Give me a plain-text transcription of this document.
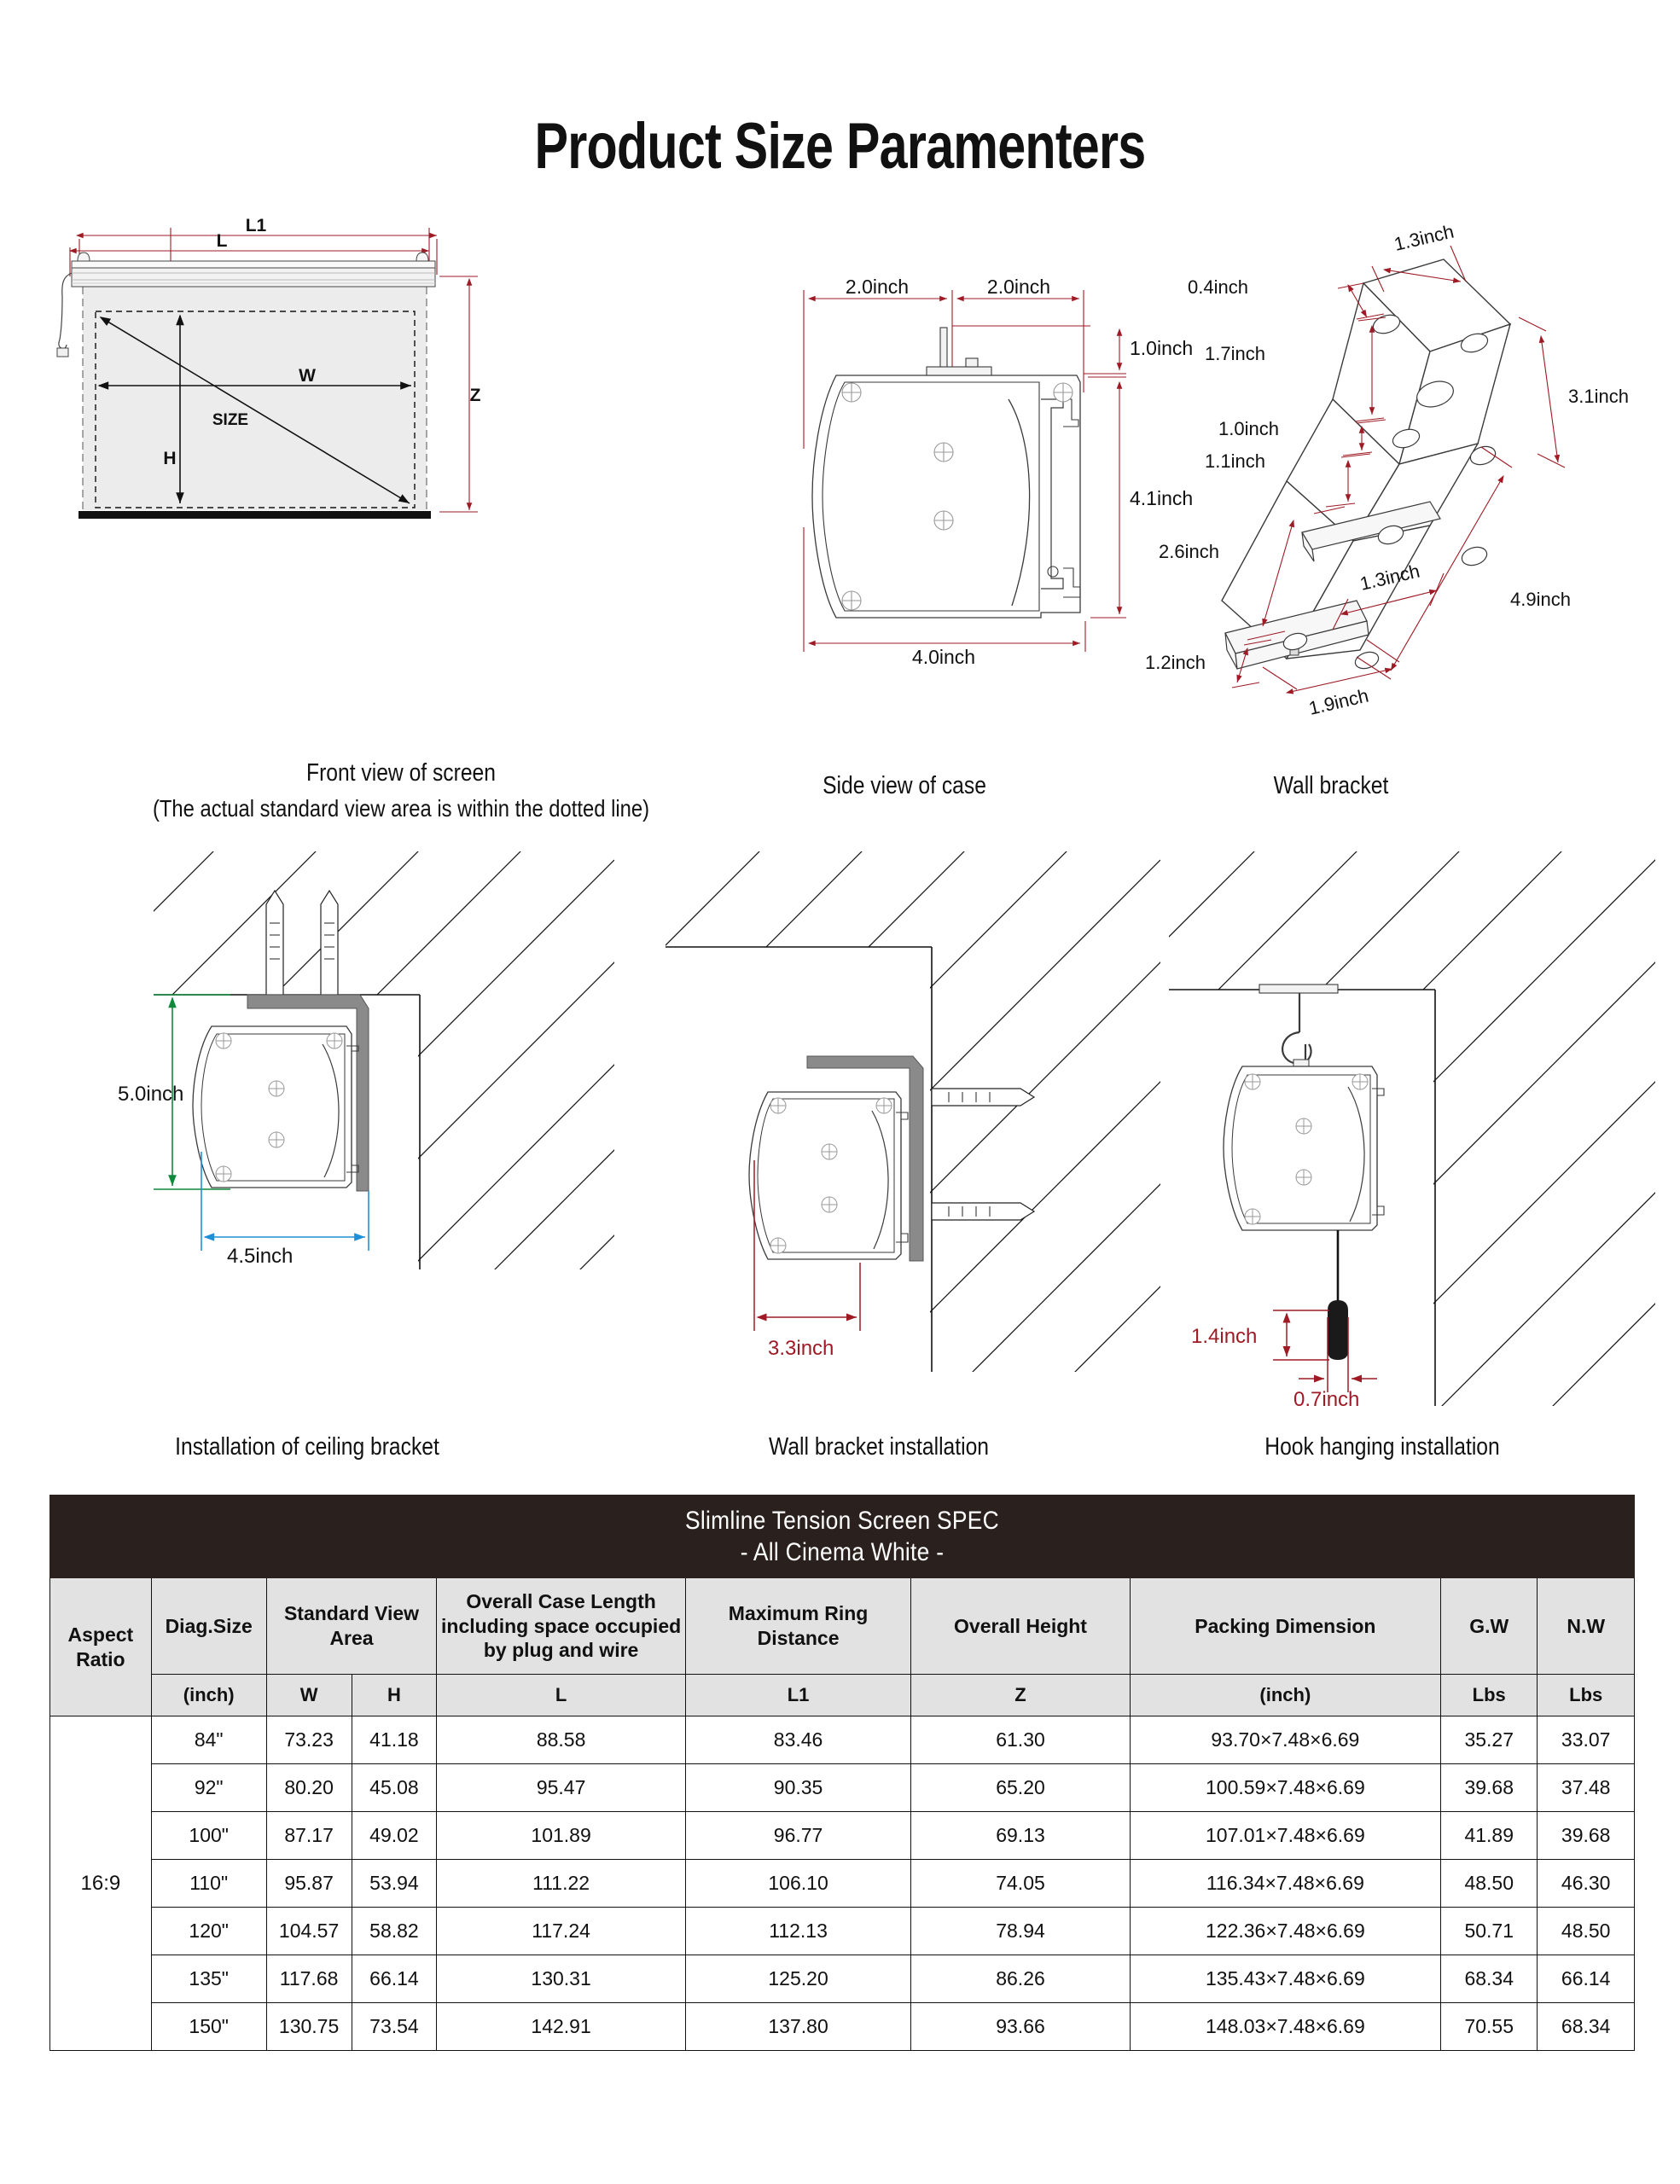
Product Size Paramenters
L1
L
Z
W
H
SIZE
Front view of screen
(The actual standard view area is within the dotted line)
2.0inch	2.0inch
1.0inch
4.1inch
4.0inch
Side view of case
1.3inch
0.4inch
1.7inch
1.0inch
1.1inch
2.6inch
1.2inch
1.9inch
1.3inch
3.1inch
4.9inch
Wall bracket
5.0inch
4.5inch
Installation of ceiling bracket
3.3inch
Wall bracket installation
1.4inch
0.7inch
Hook hanging installation
Slimline Tension Screen SPEC
- All Cinema White -									

Aspect Ratio	Diag.Size	Standard View Area		Overall Case Length including space occupied by plug and wire	Maximum Ring Distance	Overall Height	Packing Dimension	G.W	N.W
	(inch)	W	H	L	L1	Z	(inch)	Lbs	Lbs
16:9	84"	73.23	41.18	88.58	83.46	61.30	93.70×7.48×6.69	35.27	33.07
	92"	80.20	45.08	95.47	90.35	65.20	100.59×7.48×6.69	39.68	37.48
	100"	87.17	49.02	101.89	96.77	69.13	107.01×7.48×6.69	41.89	39.68
	110"	95.87	53.94	111.22	106.10	74.05	116.34×7.48×6.69	48.50	46.30
	120"	104.57	58.82	117.24	112.13	78.94	122.36×7.48×6.69	50.71	48.50
	135"	117.68	66.14	130.31	125.20	86.26	135.43×7.48×6.69	68.34	66.14
	150"	130.75	73.54	142.91	137.80	93.66	148.03×7.48×6.69	70.55	68.34
